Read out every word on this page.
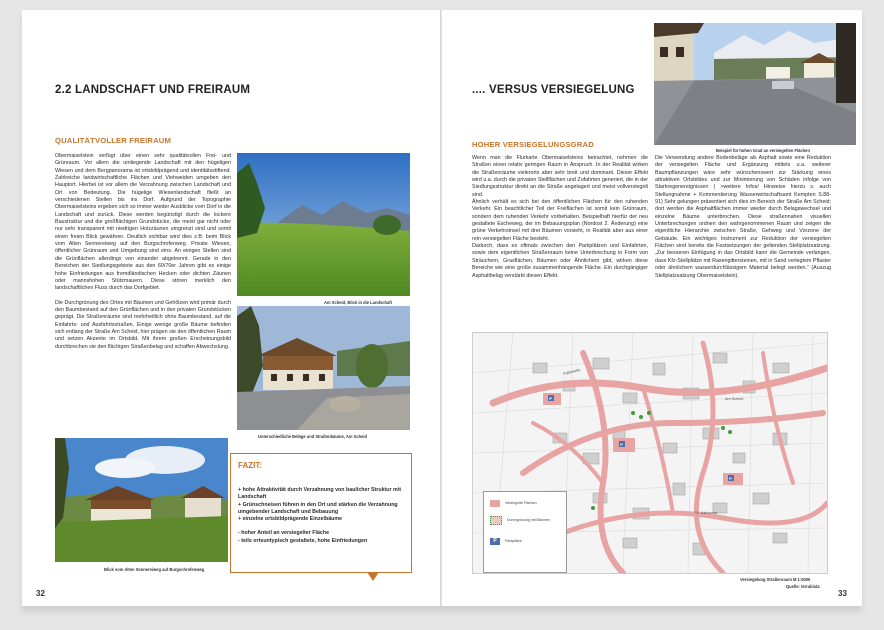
2.2 LANDSCHAFT UND FREIRAUM
QUALITÄTVOLLER FREIRAUM

Obermaiselstein verfügt über einen sehr qualitätvollen Frei- und Grünraum. Vor allem die umliegende Landschaft mit den hügeligen Wiesen und dem Bergpanorama ist ortsbildprägend und identitätsstiftend. Zahlreiche landwirtschaftliche Flächen und Viehweiden umgeben den Hauptort. Hierbei ist vor allem die Verzahnung zwischen Landschaft und Ort von Bedeutung. Die hügelige Wiesenlandschaft fließt an verschiedenen Stellen bis ins Dorf. Aufgrund der Topographie Obermaiselsteins ergeben sich so immer wieder Ausblicke vom Dorf in die Landschaft und zurück. Diese werden begünstigt durch die lockere Baustruktur und die großflächigen Grundstücke, die meist gar nicht oder nur sehr transparent mit niedrigen Holzzäunen umgrenzt sind und somit einen freien Blick gewähren. Deutlich sichtbar wird dies z.B. beim Blick vom Alten Sennereiweg auf den Burgschrofenweg. Private Wiesen, öffentlicher Grünraum und Umgebung sind eins. An einigen Stellen sind die Grünflächen allerdings von einander abgetrennt. Gerade in den Bereichen der Siedlungsgebiete aus den 60/70er Jahren gibt es einige hohe Einfriedungen aus fremdländischen Hecken oder dichten Zäunen oder mannshohen Stützmauern. Diese stören merklich den landschaftlichen Fluss durch das Dorfgebiet.

Die Durchgrünung des Ortes mit Bäumen und Gehölzen wird primär durch den Baumbestand auf den Grünflächen und in den privaten Grundstücken geprägt. Die Straßenräume sind mehrheitlich ohne Baumbestand, auf die Einfahrts- und Ausfahrtsstraßen. Einige wenige große Bäume befinden sich entlang der Straße Am Scheid, hier prägen sie den öffentlichen Raum und setzen Akzente im Ortsbild. Mit ihrem großen Erscheinungsbild durchbrechen sie den flächigen Straßenbelag und schaffen Abwechslung.

Am Scheid, Blick in die Landschaft
Unterschiedliche Beläge und Straßenbäume, Am Scheid
Blick vom Alten Sennereiweg auf Burgschrofenweg
FAZIT:

+ hohe Attraktivität durch Verzahnung von baulicher Struktur mit Landschaft

+ Grünschneisen führen in den Ort und stärken die Verzahnung umgebender Landschaft und Bebauung

+ einzelne ortsbildprägende Einzelbäume

- hoher Anteil an versiegelter Fläche

- teils ortsuntypisch gestaltete, hohe Einfriedungen

32
.... VERSUS VERSIEGELUNG
Beispiel für hohen Grad an versiegelten Flächen
HOHER VERSIEGELUNGSGRAD

Wenn man die Flurkarte Obermaiselsteins betrachtet, nehmen die Straßen einen relativ geringen Raum in Anspruch. In der Realität wirken die Straßenräume vielerorts aber sehr breit und dominant. Dieser Effekt wird u.a. durch die privaten Stellflächen und Zufahrten generiert, die in der Siedlungsstruktur direkt an die Straße angelagert und meist vollversiegelt sind.

Ähnlich verhält es sich bei den öffentlichen Flächen für den ruhenden Verkehr. Ein beachtlicher Teil der Freiflächen ist somit kein Grünraum, sondern dem ruhenden Verkehr vorbehalten. Beispielhaft hierfür der neu gestaltete Escheweg, der im Bebauungsplan (Nordost 2. Änderung) eine grüne Verkehrsinsel mit drei Bäumen vorsieht, in Realität aber aus einer rein versiegelten Fläche besteht.

Dadurch, dass es oftmals zwischen den Parkplätzen und Einfahrten, sowie dem eigentlichen Straßenraum keine Unterbrechung in Form von Sträuchern, Grasflächen, Bäumen oder Ähnlichem gibt, wirken diese Bereiche wie eine große zusammenhängende Fläche. Ein durchgängiger Asphaltbelag verstärkt diesen Effekt.

Die Verwendung andere Bodenbeläge als Asphalt sowie eine Reduktion der versiegelten Fläche und Ergänzung mittels u.a. weiterer Baumpflanzungen wäre sehr wünschenswert zur Stärkung eines attraktiven Ortsbildes und zur Minimierung von Schäden infolge von Starkregenereignissen ( >weitere Infos/ Hinweise hierzu s. auch Stellungnahme + Kommentierung Wasserwirtschaftsamt Kempten S.88-91) Sehr gelungen präsentiert sich dies im Bereich der Straße Am Scheid; dort werden die Asphaltflächen immer wieder durch Belagswechsel und einzelne Bäume unterbrochen. Diese straßennahen visuellen Unterbrechungen ordnen den wahrgenommenen Raum und zeigen die eigentliche Hierarchie zwischen Straße, Gehweg und Vorzone der Gebäude. Ein wichtiges Instrument zur Reduktion der versiegelten Flächen sind bereits die Festsetzungen der geltenden Stellplatzsatzung. „Zur besseren Einfügung in das Ortsbild kann die Gemeinde verlangen, dass Kfz-Stellplätze mit Rasengittersteinen, mit in Sand verlegtem Pflaster oder ähnlichem wasserdurchlässigem Material belegt werden.“ (Auszug Stellplatzsatzung Obermaiselstein).

P
P
P
Paßstraße
St. Katharina
Am Scheid
Versiegelte Flächen
Durchgrünung mit Bäumen
P	Parkplätze
Versiegelung Straßenraum M 1:5000
Quelle: terrabista
33
